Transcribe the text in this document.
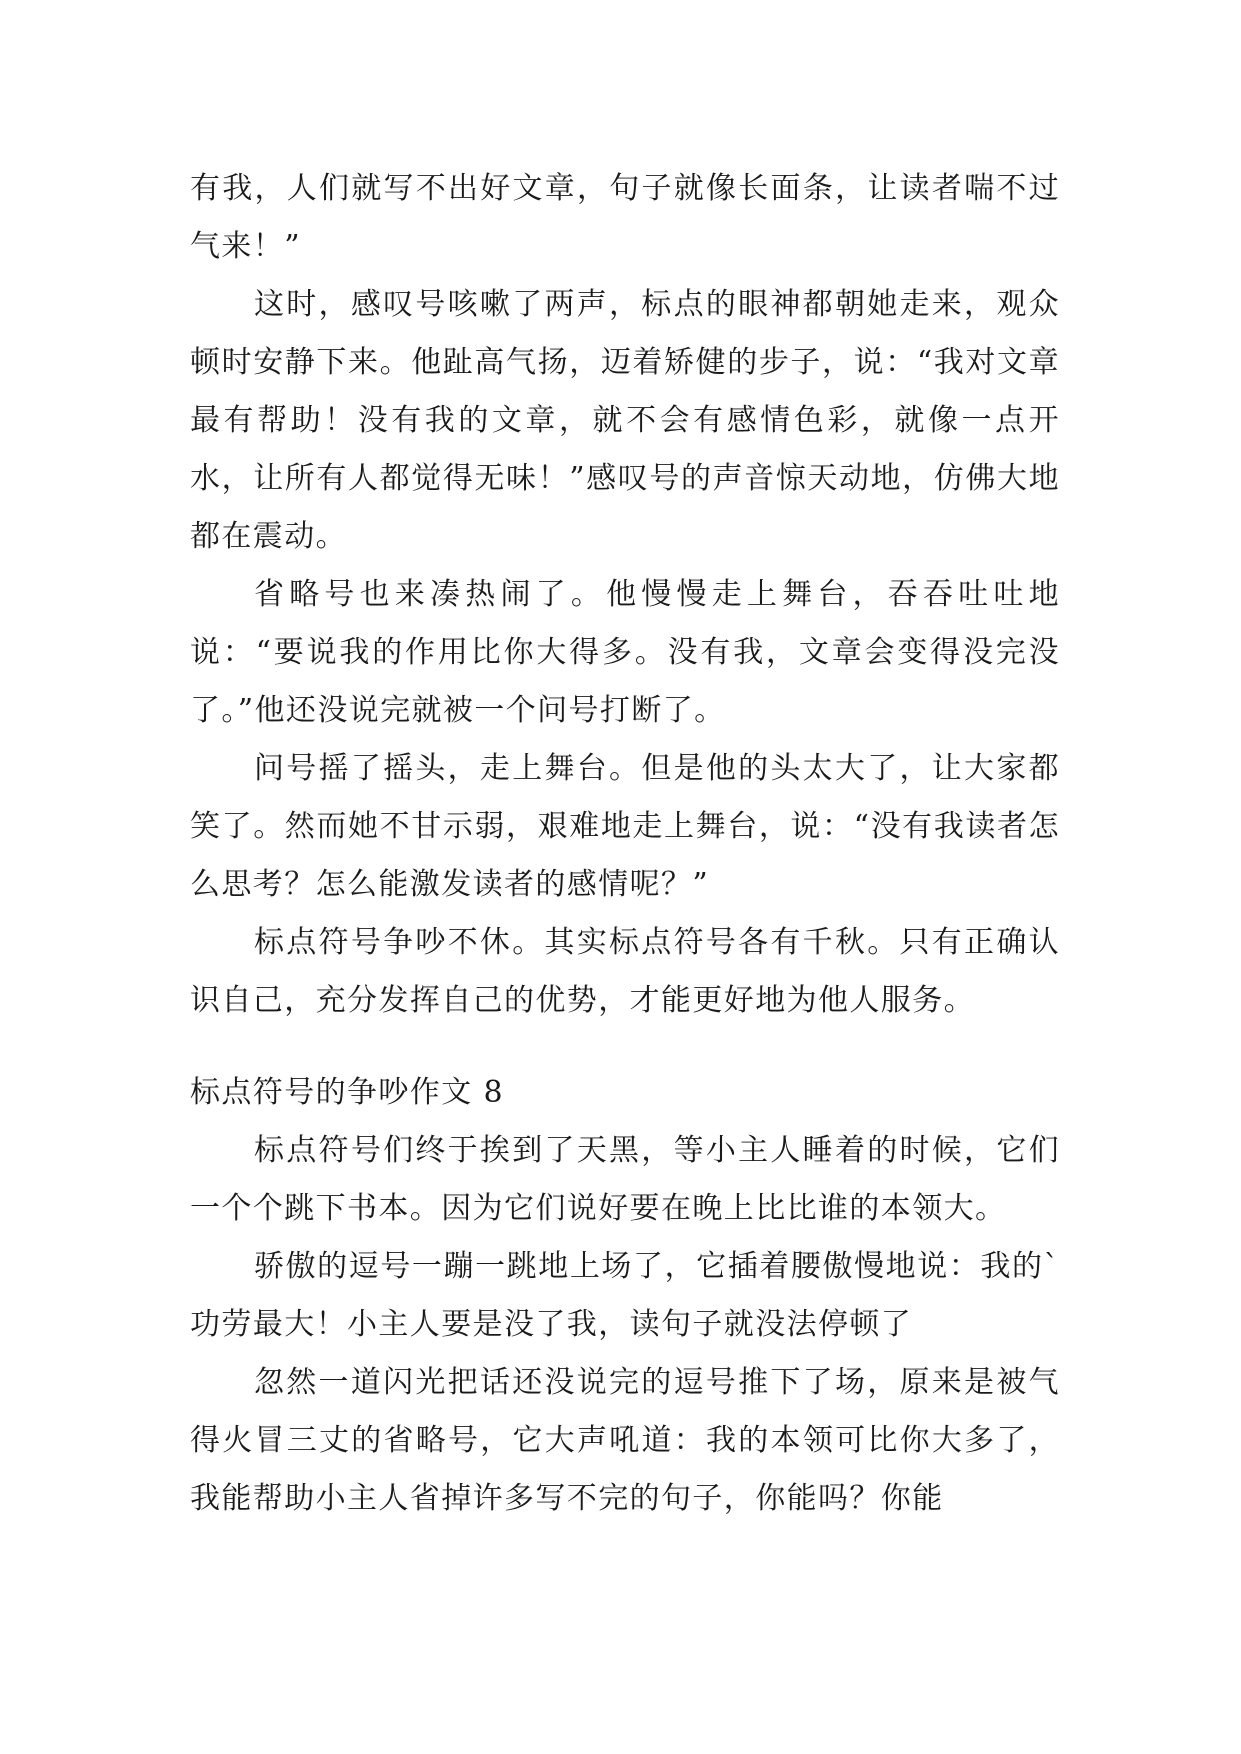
有我，人们就写不出好文章，句子就像长面条，让读者喘不过气来！”

这时，感叹号咳嗽了两声，标点的眼神都朝她走来，观众顿时安静下来。他趾高气扬，迈着矫健的步子，说：“我对文章最有帮助！没有我的文章，就不会有感情色彩，就像一点开水，让所有人都觉得无味！”感叹号的声音惊天动地，仿佛大地都在震动。

省略号也来凑热闹了。他慢慢走上舞台，吞吞吐吐地说：“要说我的作用比你大得多。没有我，文章会变得没完没了。”他还没说完就被一个问号打断了。

问号摇了摇头，走上舞台。但是他的头太大了，让大家都笑了。然而她不甘示弱，艰难地走上舞台，说：“没有我读者怎么思考？怎么能激发读者的感情呢？”

标点符号争吵不休。其实标点符号各有千秋。只有正确认识自己，充分发挥自己的优势，才能更好地为他人服务。

标点符号的争吵作文 8

标点符号们终于挨到了天黑，等小主人睡着的时候，它们一个个跳下书本。因为它们说好要在晚上比比谁的本领大。

骄傲的逗号一蹦一跳地上场了，它插着腰傲慢地说：我的`功劳最大！小主人要是没了我，读句子就没法停顿了

忽然一道闪光把话还没说完的逗号推下了场，原来是被气得火冒三丈的省略号，它大声吼道：我的本领可比你大多了，我能帮助小主人省掉许多写不完的句子，你能吗？你能
